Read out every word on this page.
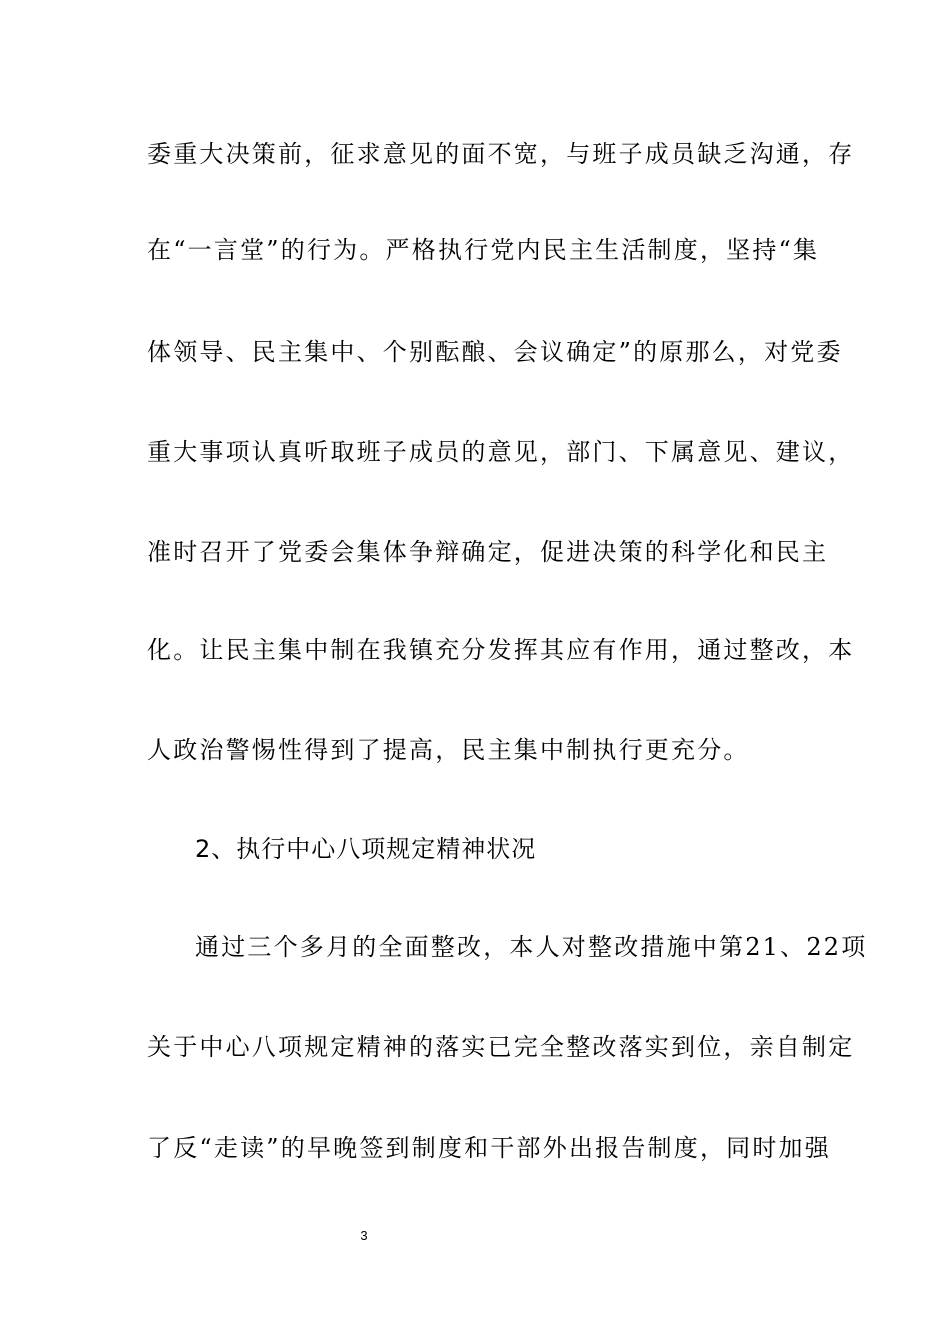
委重大决策前，征求意见的面不宽，与班子成员缺乏沟通，存
在“一言堂”的行为。严格执行党内民主生活制度，坚持“集
体领导、民主集中、个别酝酿、会议确定”的原那么，对党委
重大事项认真听取班子成员的意见，部门、下属意见、建议，
准时召开了党委会集体争辩确定，促进决策的科学化和民主
化。让民主集中制在我镇充分发挥其应有作用，通过整改，本
人政治警惕性得到了提高，民主集中制执行更充分。
2、执行中心八项规定精神状况
通过三个多月的全面整改，本人对整改措施中第21、22项
关于中心八项规定精神的落实已完全整改落实到位，亲自制定
了反“走读”的早晚签到制度和干部外出报告制度，同时加强
3
